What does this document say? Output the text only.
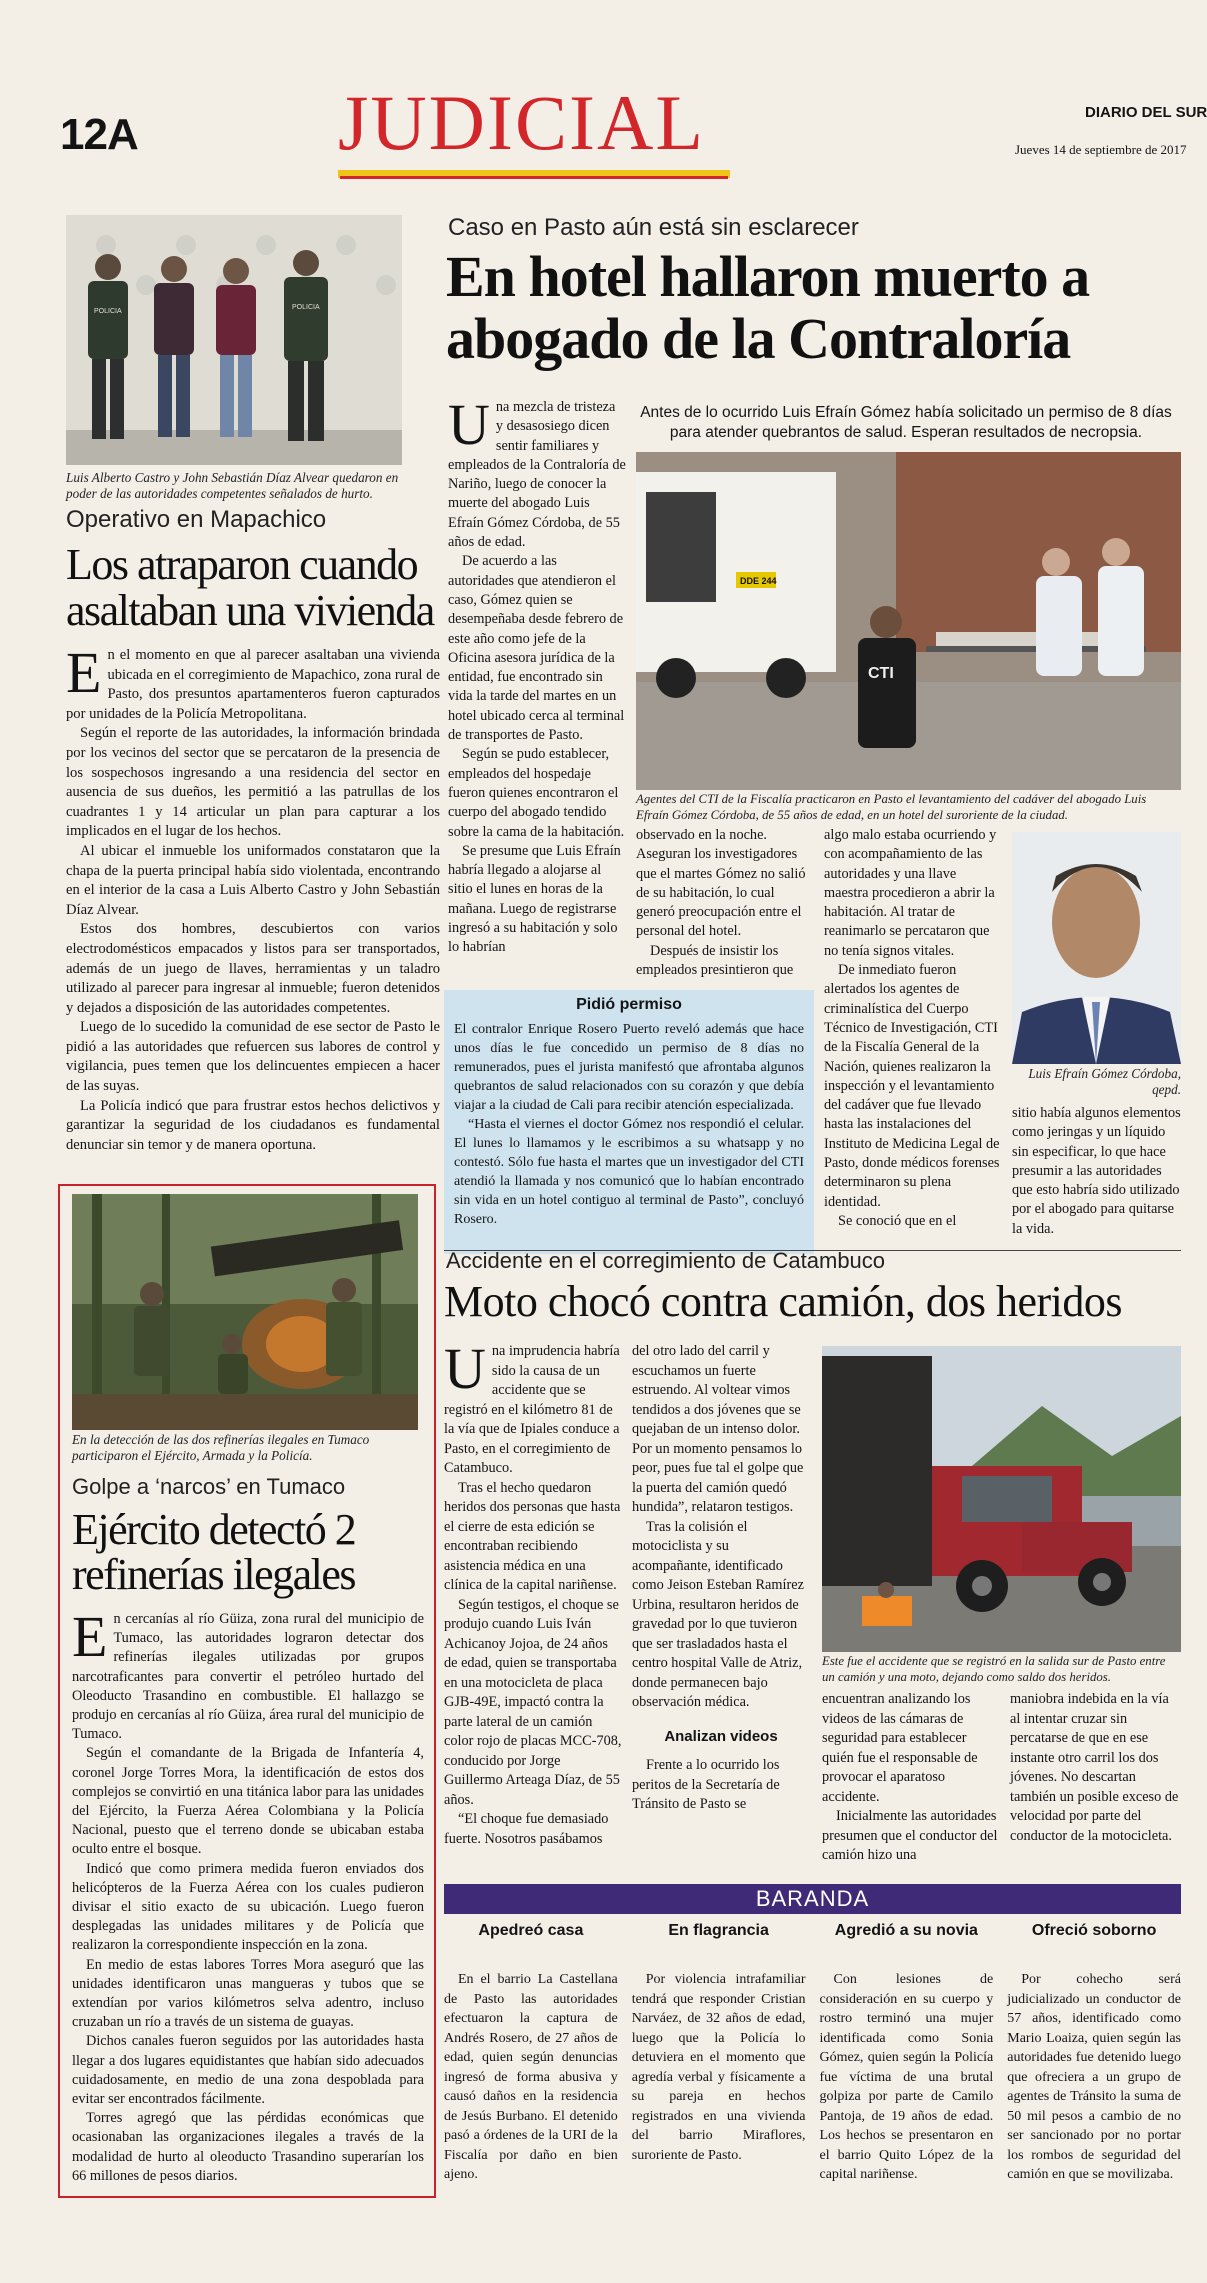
12A	JUDICIAL	DIARIO DEL SUR
Jueves 14 de septiembre de 2017
POLICIA
POLICIA
Luis Alberto Castro y John Sebastián Díaz Alvear quedaron en poder de las autoridades competentes señalados de hurto.
Operativo en Mapachico
Los atraparon cuando asaltaban una vivienda

En el momento en que al parecer asaltaban una vivienda ubicada en el corregimiento de Mapachico, zona rural de Pasto, dos presuntos apartamenteros fueron capturados por unidades de la Policía Metropolitana.

Según el reporte de las autoridades, la información brindada por los vecinos del sector que se percataron de la presencia de los sospechosos ingresando a una residencia del sector en ausencia de sus dueños, les permitió a las patrullas de los cuadrantes 1 y 14 articular un plan para capturar a los implicados en el lugar de los hechos.

Al ubicar el inmueble los uniformados constataron que la chapa de la puerta principal había sido violentada, encontrando en el interior de la casa a Luis Alberto Castro y John Sebastián Díaz Alvear.

Estos dos hombres, descubiertos con varios electrodomésticos empacados y listos para ser transportados, además de un juego de llaves, herramientas y un taladro utilizado al parecer para ingresar al inmueble; fueron detenidos y dejados a disposición de las autoridades competentes.

Luego de lo sucedido la comunidad de ese sector de Pasto le pidió a las autoridades que refuercen sus labores de control y vigilancia, pues temen que los delincuentes empiecen a hacer de las suyas.

La Policía indicó que para frustrar estos hechos delictivos y garantizar la seguridad de los ciudadanos es fundamental denunciar sin temor y de manera oportuna.

En la detección de las dos refinerías ilegales en Tumaco participaron el Ejército, Armada y la Policía.
Golpe a ‘narcos’ en Tumaco
Ejército detectó 2 refinerías ilegales

En cercanías al río Güiza, zona rural del municipio de Tumaco, las autoridades lograron detectar dos refinerías ilegales utilizadas por grupos narcotraficantes para convertir el petróleo hurtado del Oleoducto Trasandino en combustible. El hallazgo se produjo en cercanías al río Güiza, área rural del municipio de Tumaco.

Según el comandante de la Brigada de Infantería 4, coronel Jorge Torres Mora, la identificación de estos dos complejos se convirtió en una titánica labor para las unidades del Ejército, la Fuerza Aérea Colombiana y la Policía Nacional, puesto que el terreno donde se ubicaban estaba oculto entre el bosque.

Indicó que como primera medida fueron enviados dos helicópteros de la Fuerza Aérea con los cuales pudieron divisar el sitio exacto de su ubicación. Luego fueron desplegadas las unidades militares y de Policía que realizaron la correspondiente inspección en la zona.

En medio de estas labores Torres Mora aseguró que las unidades identificaron unas mangueras y tubos que se extendían por varios kilómetros selva adentro, incluso cruzaban un río a través de un sistema de guayas.

Dichos canales fueron seguidos por las autoridades hasta llegar a dos lugares equidistantes que habían sido adecuados cuidadosamente, en medio de una zona despoblada para evitar ser encontrados fácilmente.

Torres agregó que las pérdidas económicas que ocasionaban las organizaciones ilegales a través de la modalidad de hurto al oleoducto Trasandino superarían los 66 millones de pesos diarios.

Caso en Pasto aún está sin esclarecer
En hotel hallaron muerto a abogado de la Contraloría

Una mezcla de tristeza y desasosiego dicen sentir familiares y empleados de la Contraloría de Nariño, luego de conocer la muerte del abogado Luis Efraín Gómez Córdoba, de 55 años de edad.

De acuerdo a las autoridades que atendieron el caso, Gómez quien se desempeñaba desde febrero de este año como jefe de la Oficina asesora jurídica de la entidad, fue encontrado sin vida la tarde del martes en un hotel ubicado cerca al terminal de transportes de Pasto.

Según se pudo establecer, empleados del hospedaje fueron quienes encontraron el cuerpo del abogado tendido sobre la cama de la habitación.

Se presume que Luis Efraín habría llegado a alojarse al sitio el lunes en horas de la mañana. Luego de registrarse ingresó a su habitación y solo lo habrían

Antes de lo ocurrido Luis Efraín Gómez había solicitado un permiso de 8 días para atender quebrantos de salud. Esperan resultados de necropsia.
DDE 244
CTI
Agentes del CTI de la Fiscalía practicaron en Pasto el levantamiento del cadáver del abogado Luis Efraín Gómez Córdoba, de 55 años de edad, en un hotel del suroriente de la ciudad.

observado en la noche. Aseguran los investigadores que el martes Gómez no salió de su habitación, lo cual generó preocupación entre el personal del hotel.

Después de insistir los empleados presintieron que

algo malo estaba ocurriendo y con acompañamiento de las autoridades y una llave maestra procedieron a abrir la habitación. Al tratar de reanimarlo se percataron que no tenía signos vitales.

De inmediato fueron alertados los agentes de criminalística del Cuerpo Técnico de Investigación, CTI de la Fiscalía General de la Nación, quienes realizaron la inspección y el levantamiento del cadáver que fue llevado hasta las instalaciones del Instituto de Medicina Legal de Pasto, donde médicos forenses determinaron su plena identidad.

Se conoció que en el

Luis Efraín Gómez Córdoba, qepd.

sitio había algunos elementos como jeringas y un líquido sin especificar, lo que hace presumir a las autoridades que esto habría sido utilizado por el abogado para quitarse la vida.

Pidió permiso

El contralor Enrique Rosero Puerto reveló además que hace unos días le fue concedido un permiso de 8 días no remunerados, pues el jurista manifestó que afrontaba algunos quebrantos de salud relacionados con su corazón y que debía viajar a la ciudad de Cali para recibir atención especializada.

“Hasta el viernes el doctor Gómez nos respondió el celular. El lunes lo llamamos y le escribimos a su whatsapp y no contestó. Sólo fue hasta el martes que un investigador del CTI atendió la llamada y nos comunicó que lo habían encontrado sin vida en un hotel contiguo al terminal de Pasto”, concluyó Rosero.

Accidente en el corregimiento de Catambuco
Moto chocó contra camión, dos heridos

Una imprudencia habría sido la causa de un accidente que se registró en el kilómetro 81 de la vía que de Ipiales conduce a Pasto, en el corregimiento de Catambuco.

Tras el hecho quedaron heridos dos personas que hasta el cierre de esta edición se encontraban recibiendo asistencia médica en una clínica de la capital nariñense.

Según testigos, el choque se produjo cuando Luis Iván Achicanoy Jojoa, de 24 años de edad, quien se transportaba en una motocicleta de placa GJB-49E, impactó contra la parte lateral de un camión color rojo de placas MCC-708, conducido por Jorge Guillermo Arteaga Díaz, de 55 años.

“El choque fue demasiado fuerte. Nosotros pasábamos

del otro lado del carril y escuchamos un fuerte estruendo. Al voltear vimos tendidos a dos jóvenes que se quejaban de un intenso dolor. Por un momento pensamos lo peor, pues fue tal el golpe que la puerta del camión quedó hundida”, relataron testigos.

Tras la colisión el motociclista y su acompañante, identificado como Jeison Esteban Ramírez Urbina, resultaron heridos de gravedad por lo que tuvieron que ser trasladados hasta el centro hospital Valle de Atriz, donde permanecen bajo observación médica.

Analizan videos

Frente a lo ocurrido los peritos de la Secretaría de Tránsito de Pasto se

Este fue el accidente que se registró en la salida sur de Pasto entre un camión y una moto, dejando como saldo dos heridos.

encuentran analizando los videos de las cámaras de seguridad para establecer quién fue el responsable de provocar el aparatoso accidente.

Inicialmente las autoridades presumen que el conductor del camión hizo una

maniobra indebida en la vía al intentar cruzar sin percatarse de que en ese instante otro carril los dos jóvenes. No descartan también un posible exceso de velocidad por parte del conductor de la motocicleta.

BARANDA
Apedreó casa
En el barrio La Castellana de Pasto las autoridades efectuaron la captura de Andrés Rosero, de 27 años de edad, quien según denuncias ingresó de forma abusiva y causó daños en la residencia de Jesús Burbano. El detenido pasó a órdenes de la URI de la Fiscalía por daño en bien ajeno.
En flagrancia
Por violencia intrafamiliar tendrá que responder Cristian Narváez, de 32 años de edad, luego que la Policía lo detuviera en el momento que agredía verbal y físicamente a su pareja en hechos registrados en una vivienda del barrio Miraflores, suroriente de Pasto.
Agredió a su novia
Con lesiones de consideración en su cuerpo y rostro terminó una mujer identificada como Sonia Gómez, quien según la Policía fue víctima de una brutal golpiza por parte de Camilo Pantoja, de 19 años de edad. Los hechos se presentaron en el barrio Quito López de la capital nariñense.
Ofreció soborno
Por cohecho será judicializado un conductor de 57 años, identificado como Mario Loaiza, quien según las autoridades fue detenido luego que ofreciera a un grupo de agentes de Tránsito la suma de 50 mil pesos a cambio de no ser sancionado por no portar los rombos de seguridad del camión en que se movilizaba.
